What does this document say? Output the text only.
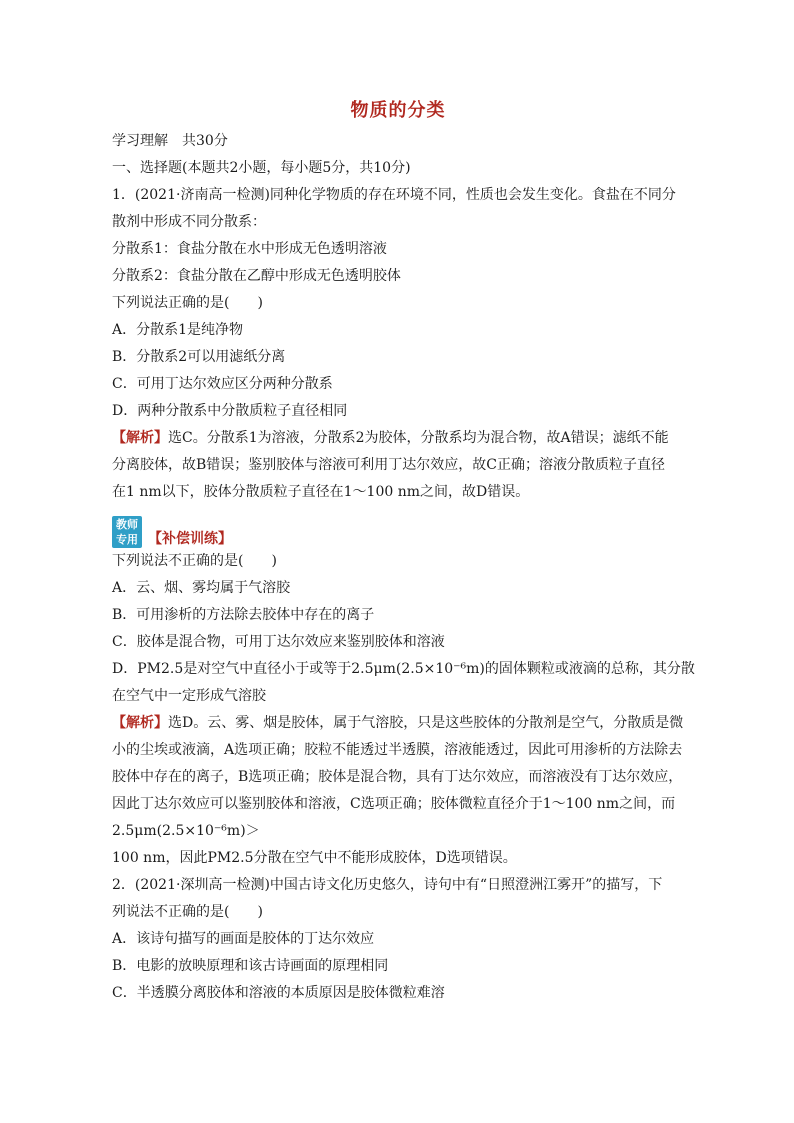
物质的分类
学习理解　共30分
一、选择题(本题共2小题，每小题5分，共10分)
1．(2021·济南高一检测)同种化学物质的存在环境不同，性质也会发生变化。食盐在不同分
散剂中形成不同分散系：
分散系1：食盐分散在水中形成无色透明溶液
分散系2：食盐分散在乙醇中形成无色透明胶体
下列说法正确的是(　　)
A．分散系1是纯净物
B．分散系2可以用滤纸分离
C．可用丁达尔效应区分两种分散系
D．两种分散系中分散质粒子直径相同
【解析】选C。分散系1为溶液，分散系2为胶体，分散系均为混合物，故A错误；滤纸不能
分离胶体，故B错误；鉴别胶体与溶液可利用丁达尔效应，故C正确；溶液分散质粒子直径
在1 nm以下，胶体分散质粒子直径在1～100 nm之间，故D错误。
教师
专用 【补偿训练】
下列说法不正确的是(　　)
A．云、烟、雾均属于气溶胶
B．可用渗析的方法除去胶体中存在的离子
C．胶体是混合物，可用丁达尔效应来鉴别胶体和溶液
D．PM2.5是对空气中直径小于或等于2.5μm(2.5×10⁻⁶m)的固体颗粒或液滴的总称，其分散
在空气中一定形成气溶胶
【解析】选D。云、雾、烟是胶体，属于气溶胶，只是这些胶体的分散剂是空气，分散质是微
小的尘埃或液滴，A选项正确；胶粒不能透过半透膜，溶液能透过，因此可用渗析的方法除去
胶体中存在的离子，B选项正确；胶体是混合物，具有丁达尔效应，而溶液没有丁达尔效应，
因此丁达尔效应可以鉴别胶体和溶液，C选项正确；胶体微粒直径介于1～100 nm之间，而
2.5μm(2.5×10⁻⁶m)＞
100 nm，因此PM2.5分散在空气中不能形成胶体，D选项错误。
2．(2021·深圳高一检测)中国古诗文化历史悠久，诗句中有“日照澄洲江雾开”的描写，下
列说法不正确的是(　　)
A．该诗句描写的画面是胶体的丁达尔效应
B．电影的放映原理和该古诗画面的原理相同
C．半透膜分离胶体和溶液的本质原因是胶体微粒难溶
